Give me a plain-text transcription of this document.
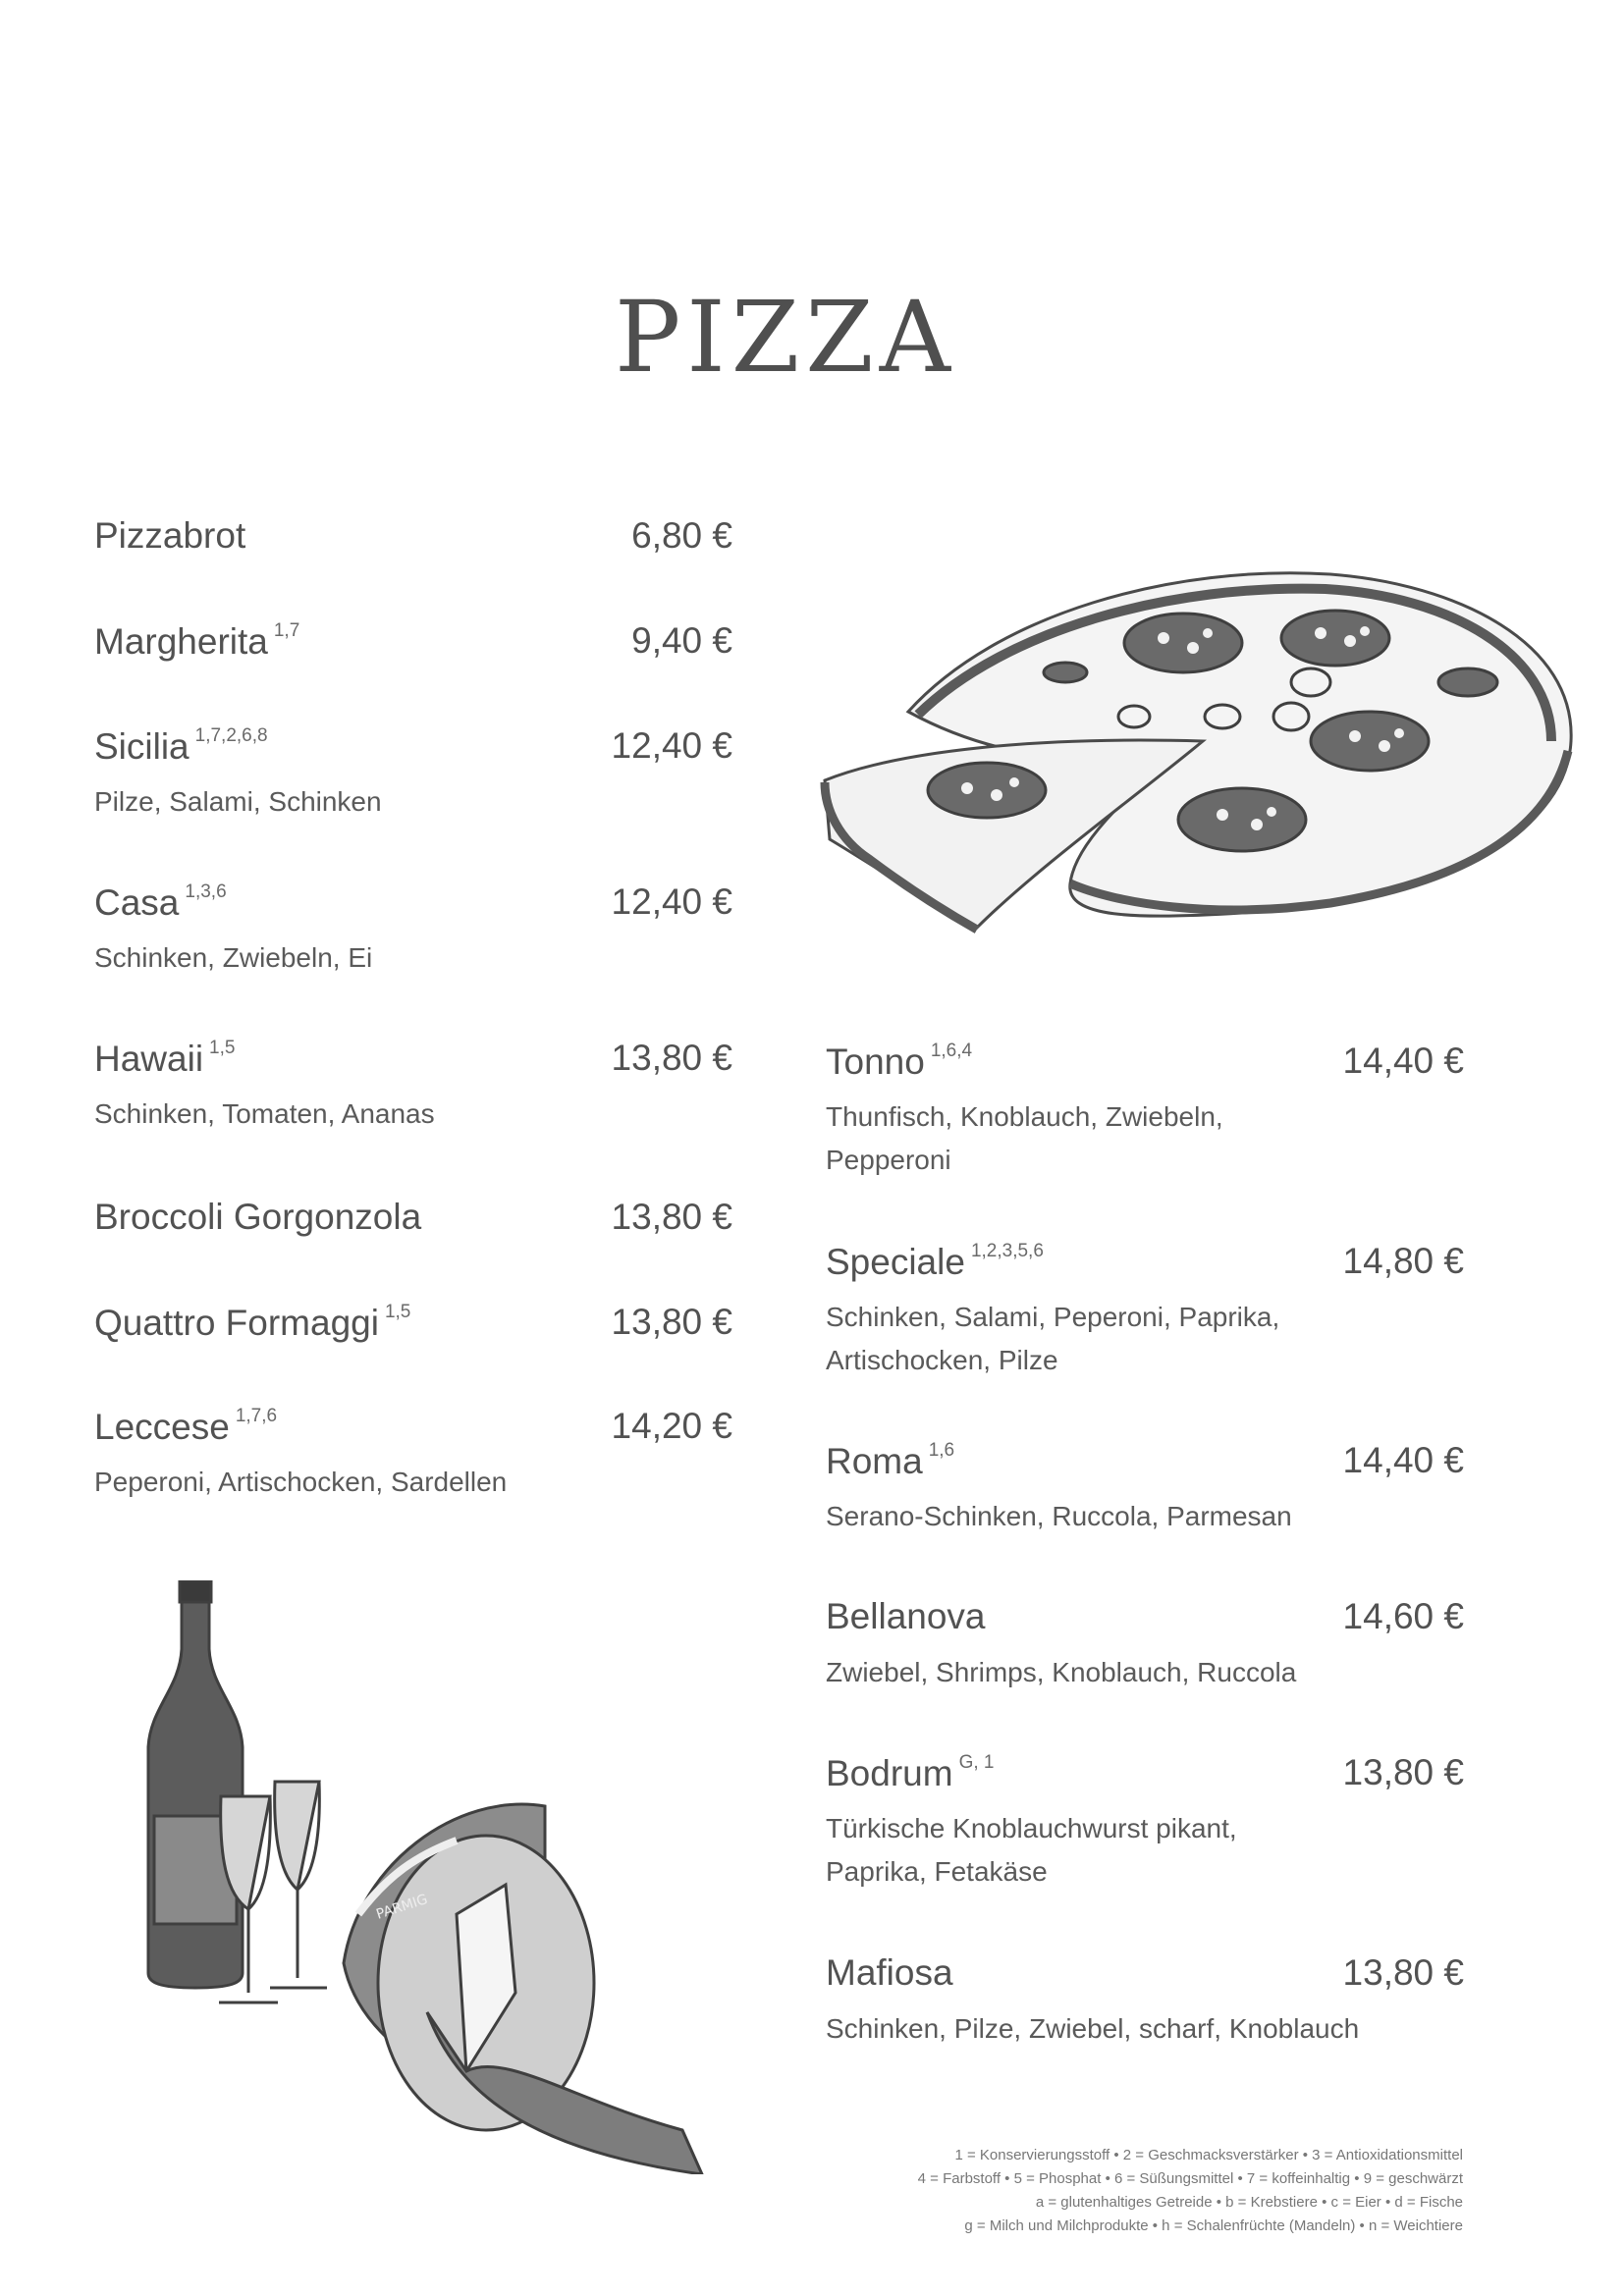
PIZZA
Pizzabrot	6,80 €
Margherita $^{1,7}$	9,40 €
Sicilia $^{1,7,2,6,8}$	12,40 €
Pilze, Salami, Schinken
Casa $^{1,3,6}$	12,40 €
Schinken, Zwiebeln, Ei
Hawaii $^{1,5}$	13,80 €
Schinken, Tomaten, Ananas
Broccoli Gorgonzola	13,80 €
Quattro Formaggi $^{1,5}$	13,80 €
Leccese $^{1,7,6}$	14,20 €
Peperoni, Artischocken, Sardellen
Tonno $^{1,6,4}$	14,40 €
Thunfisch, Knoblauch, Zwiebeln, Pepperoni
Speciale $^{1,2,3,5,6}$	14,80 €
Schinken, Salami, Peperoni, Paprika, Artischocken, Pilze
Roma $^{1,6}$	14,40 €
Serano-Schinken, Ruccola, Parmesan
Bellanova	14,60 €
Zwiebel, Shrimps, Knoblauch, Ruccola
Bodrum $^{G, 1}$	13,80 €
Türkische Knoblauchwurst pikant, Paprika, Fetakäse
Mafiosa	13,80 €
Schinken, Pilze, Zwiebel, scharf, Knoblauch
PARMIG
1 = Konservierungsstoff • 2 = Geschmacksverstärker • 3 = Antioxidationsmittel
4 = Farbstoff • 5 = Phosphat • 6 = Süßungsmittel • 7 = koffeinhaltig • 9 = geschwärzt
a = glutenhaltiges Getreide • b = Krebstiere • c = Eier • d = Fische
g = Milch und Milchprodukte • h = Schalenfrüchte (Mandeln) • n = Weichtiere
